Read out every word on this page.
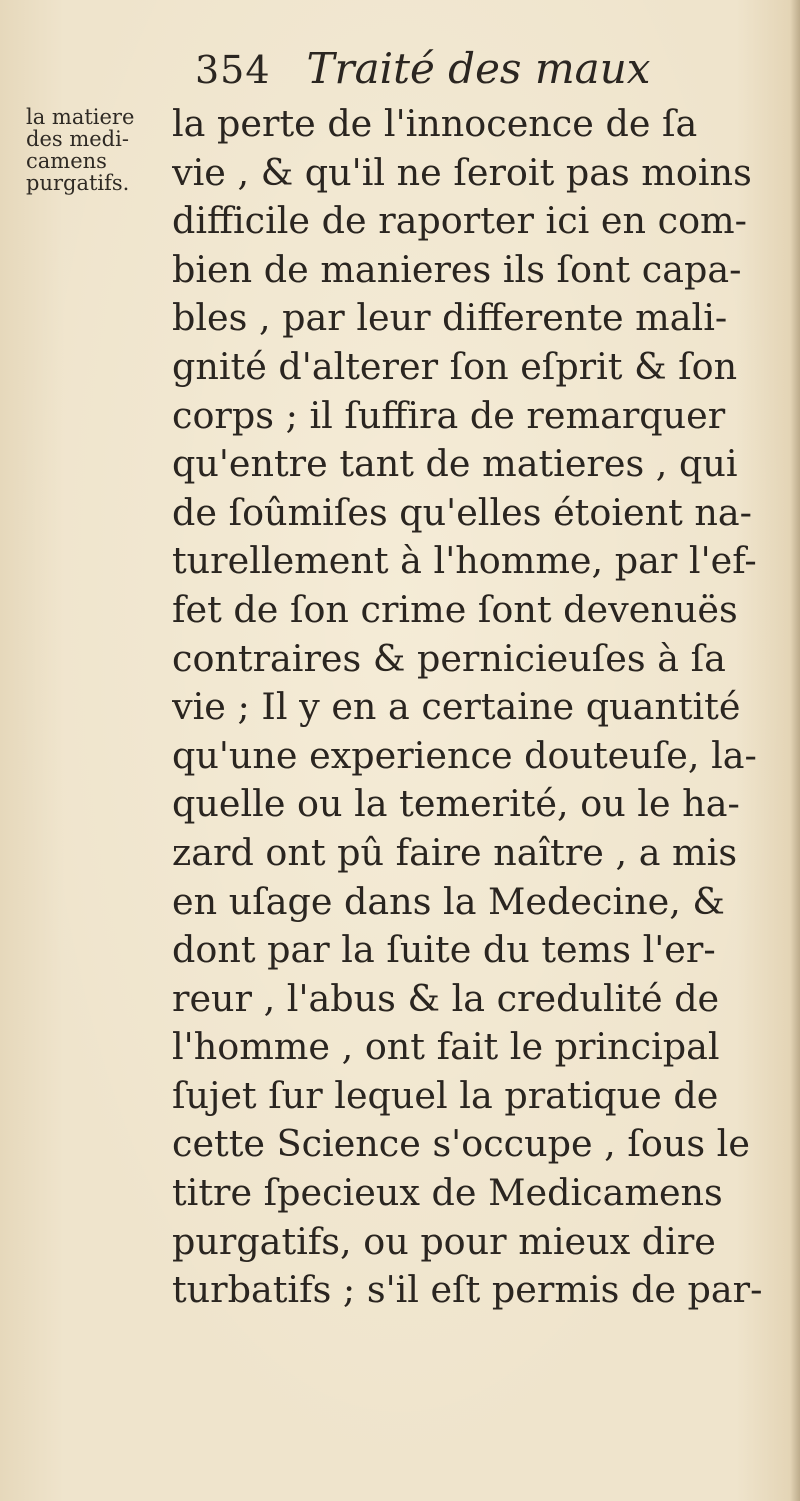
354 Traité des maux
la matiere
des medi-
camens
purgatifs.
la perte de l'innocence de ſa
vie , & qu'il ne ſeroit pas moins
difficile de raporter ici en com-
bien de manieres ils ſont capa-
bles , par leur differente mali-
gnité d'alterer ſon eſprit & ſon
corps ; il ſuffira de remarquer
qu'entre tant de matieres , qui
de ſoûmiſes qu'elles étoient na-
turellement à l'homme, par l'ef-
fet de ſon crime ſont devenuës
contraires & pernicieuſes à ſa
vie ; Il y en a certaine quantité
qu'une experience douteuſe, la-
quelle ou la temerité, ou le ha-
zard ont pû faire naître , a mis
en uſage dans la Medecine, &
dont par la ſuite du tems l'er-
reur , l'abus & la credulité de
l'homme , ont fait le principal
ſujet ſur lequel la pratique de
cette Science s'occupe , ſous le
titre ſpecieux de Medicamens
purgatifs, ou pour mieux dire
turbatifs ; s'il eſt permis de par-
